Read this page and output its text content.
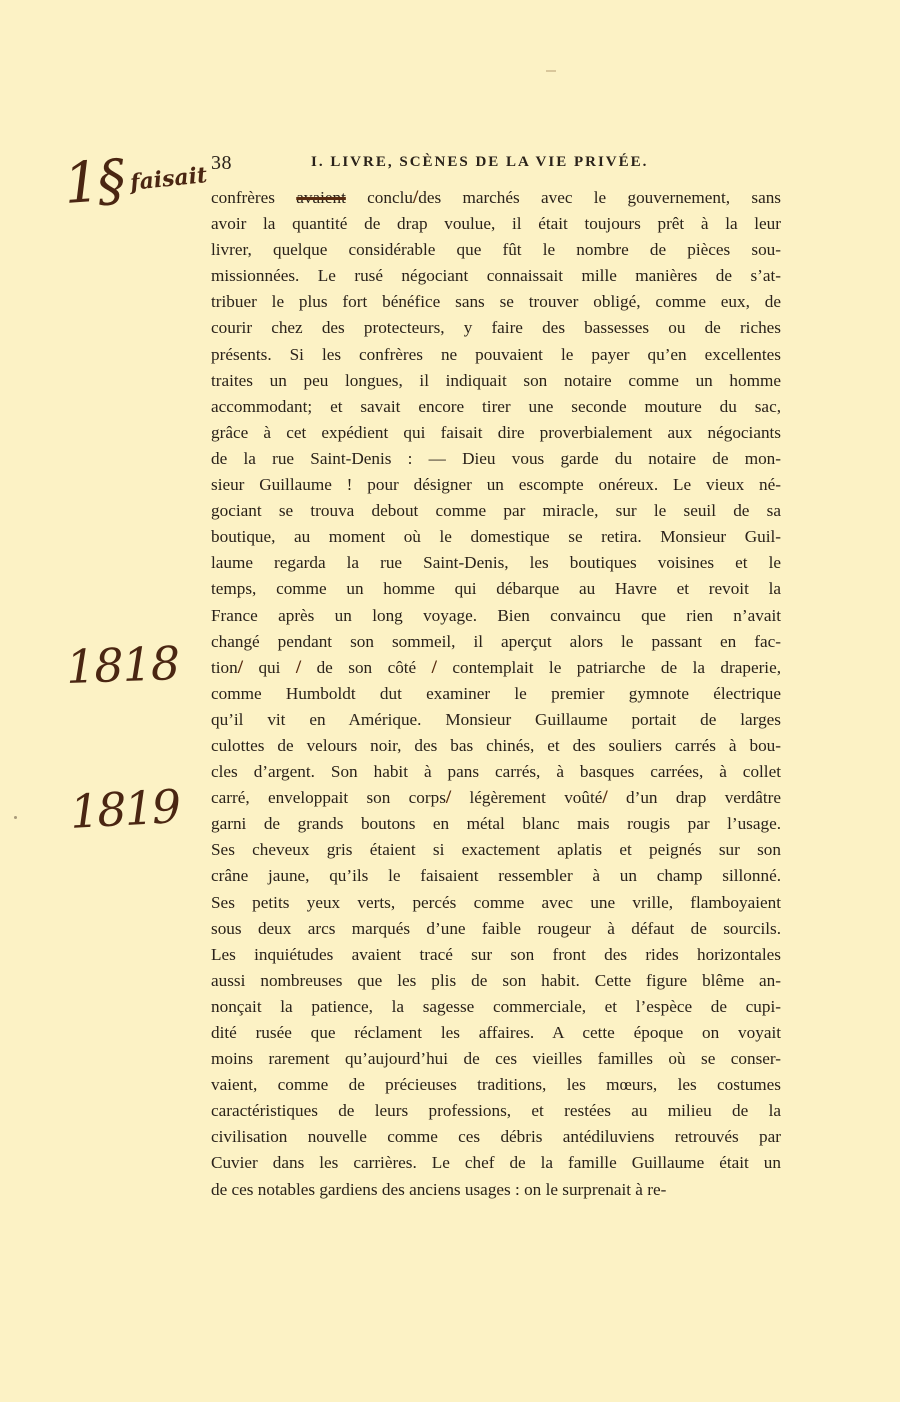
38	I. LIVRE, SCÈNES DE LA VIE PRIVÉE.
1§ faisait
1818
1819
confrères avaient conclu/des marchés avec le gouvernement, sans
avoir la quantité de drap voulue, il était toujours prêt à la leur
livrer, quelque considérable que fût le nombre de pièces sou-
missionnées. Le rusé négociant connaissait mille manières de s’at-
tribuer le plus fort bénéfice sans se trouver obligé, comme eux, de
courir chez des protecteurs, y faire des bassesses ou de riches
présents. Si les confrères ne pouvaient le payer qu’en excellentes
traites un peu longues, il indiquait son notaire comme un homme
accommodant; et savait encore tirer une seconde mouture du sac,
grâce à cet expédient qui faisait dire proverbialement aux négociants
de la rue Saint-Denis : — Dieu vous garde du notaire de mon-
sieur Guillaume ! pour désigner un escompte onéreux. Le vieux né-
gociant se trouva debout comme par miracle, sur le seuil de sa
boutique, au moment où le domestique se retira. Monsieur Guil-
laume regarda la rue Saint-Denis, les boutiques voisines et le
temps, comme un homme qui débarque au Havre et revoit la
France après un long voyage. Bien convaincu que rien n’avait
changé pendant son sommeil, il aperçut alors le passant en fac-
tion/ qui / de son côté / contemplait le patriarche de la draperie,
comme Humboldt dut examiner le premier gymnote électrique
qu’il vit en Amérique. Monsieur Guillaume portait de larges
culottes de velours noir, des bas chinés, et des souliers carrés à bou-
cles d’argent. Son habit à pans carrés, à basques carrées, à collet
carré, enveloppait son corps/ légèrement voûté/ d’un drap verdâtre
garni de grands boutons en métal blanc mais rougis par l’usage.
Ses cheveux gris étaient si exactement aplatis et peignés sur son
crâne jaune, qu’ils le faisaient ressembler à un champ sillonné.
Ses petits yeux verts, percés comme avec une vrille, flamboyaient
sous deux arcs marqués d’une faible rougeur à défaut de sourcils.
Les inquiétudes avaient tracé sur son front des rides horizontales
aussi nombreuses que les plis de son habit. Cette figure blême an-
nonçait la patience, la sagesse commerciale, et l’espèce de cupi-
dité rusée que réclament les affaires. A cette époque on voyait
moins rarement qu’aujourd’hui de ces vieilles familles où se conser-
vaient, comme de précieuses traditions, les mœurs, les costumes
caractéristiques de leurs professions, et restées au milieu de la
civilisation nouvelle comme ces débris antédiluviens retrouvés par
Cuvier dans les carrières. Le chef de la famille Guillaume était un
de ces notables gardiens des anciens usages : on le surprenait à re-
